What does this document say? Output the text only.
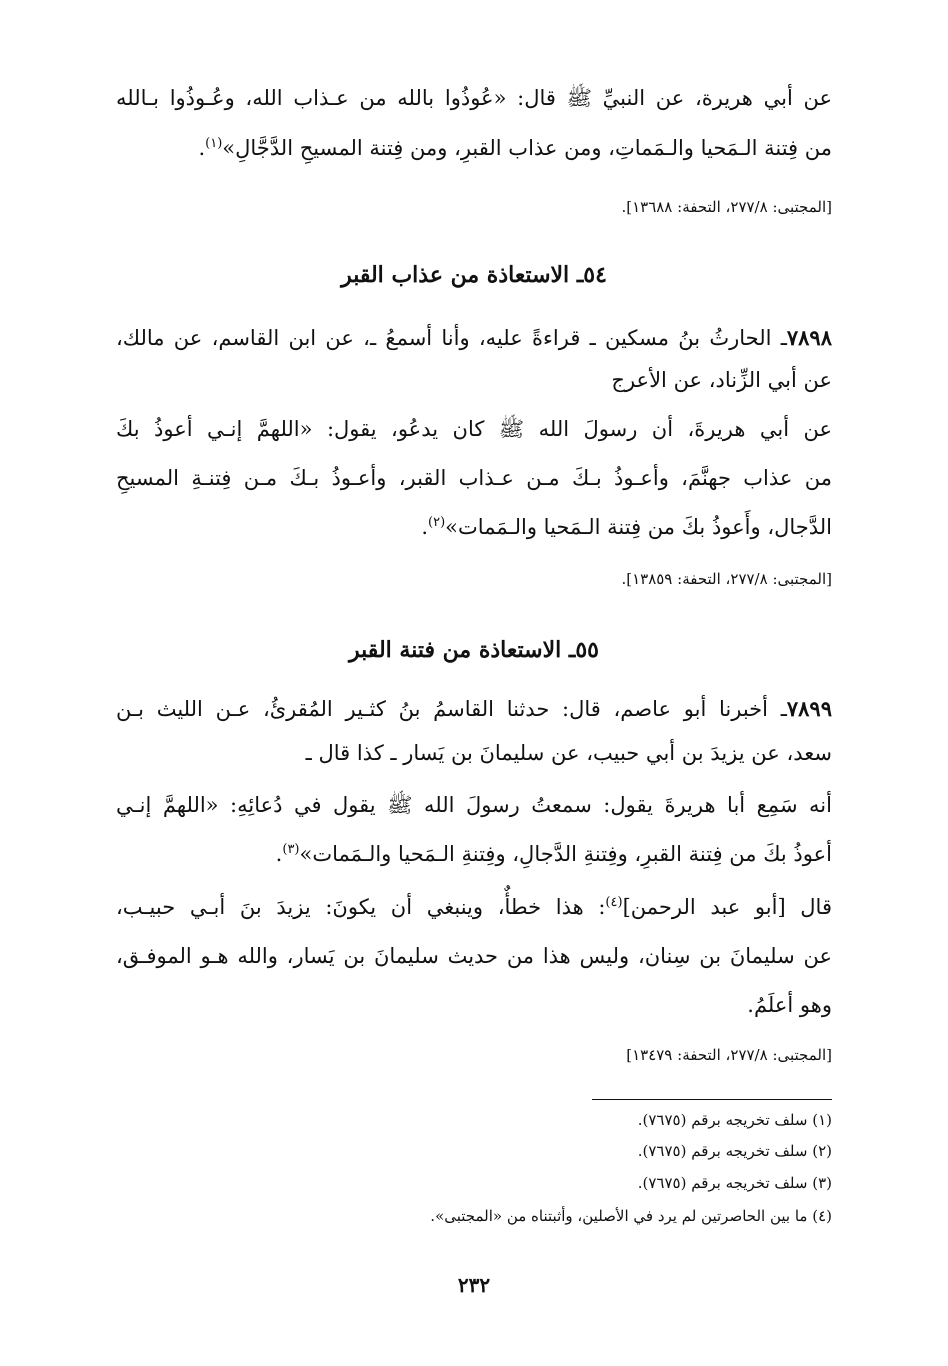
عن أبي هريرة، عن النبيِّ ﷺ قال: «عُوذُوا بالله من عـذاب الله، وعُـوذُوا بـالله
من فِتنة الـمَحيا والـمَماتِ، ومن عذاب القبرِ، ومن فِتنة المسيحِ الدَّجَّالِ»$^{(١)}$.
[المجتبى: ٢٧٧/٨، التحفة: ١٣٦٨٨].
٥٤ـ الاستعاذة من عذاب القبر
٧٨٩٨ـ الحارثُ بنُ مسكين ـ قراءةً عليه، وأنا أسمعُ ـ، عن ابن القاسم، عن مالك،
عن أبي الزِّناد، عن الأعرج
عن أبي هريرةَ، أن رسولَ الله ﷺ كان يدعُو، يقول: «اللهمَّ إنـي أعوذُ بكَ
من عذاب جهنَّمَ، وأعـوذُ بـكَ مـن عـذاب القبر، وأعـوذُ بـكَ مـن فِتنـةِ المسيحِ
الدَّجال، وأَعوذُ بكَ من فِتنة الـمَحيا والـمَمات»$^{(٢)}$.
[المجتبى: ٢٧٧/٨، التحفة: ١٣٨٥٩].
٥٥ـ الاستعاذة من فتنة القبر
٧٨٩٩ـ أخبرنا أبو عاصم، قال: حدثنا القاسمُ بنُ كثـير المُقرئُ، عـن الليث بـن
سعد، عن يزيدَ بن أبي حبيب، عن سليمانَ بن يَسار ـ كذا قال ـ
أنه سَمِع أبا هريرةَ يقول: سمعتُ رسولَ الله ﷺ يقول في دُعائِهِ: «اللهمَّ إنـي
أعوذُ بكَ من فِتنة القبرِ، وفِتنةِ الدَّجالِ، وفِتنةِ الـمَحيا والـمَمات»$^{(٣)}$.
قال [أبو عبد الرحمن]$^{(٤)}$: هذا خطأٌ، وينبغي أن يكونَ: يزيدَ بنَ أبـي حبيـب،
عن سليمانَ بن سِنان، وليس هذا من حديث سليمانَ بن يَسار، والله هـو الموفـق،
وهو أعلَمُ.
[المجتبى: ٢٧٧/٨، التحفة: ١٣٤٧٩]
(١) سلف تخريجه برقم (٧٦٧٥).
(٢) سلف تخريجه برقم (٧٦٧٥).
(٣) سلف تخريجه برقم (٧٦٧٥).
(٤) ما بين الحاصرتين لم يرد في الأصلين، وأثبتناه من «المجتبى».
٢٣٢
